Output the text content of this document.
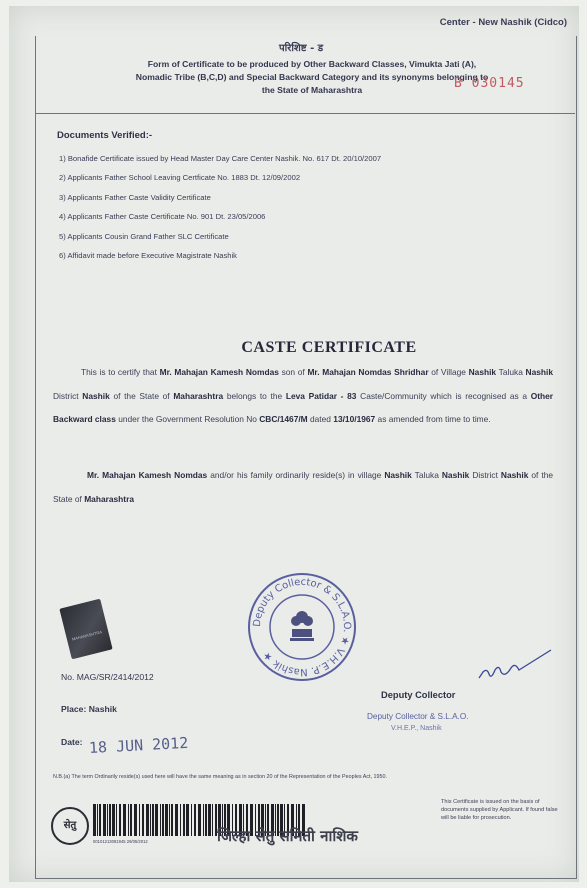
Center - New Nashik (Cidco)
परिशिष्ट - ड
Form of Certificate to be produced by Other Backward Classes, Vimukta Jati (A),
Nomadic Tribe (B,C,D) and Special Backward Category and its synonyms belonging to
the State of Maharashtra	B 030145
Documents Verified:-
1) Bonafide Certificate issued by Head Master Day Care Center Nashik. No. 617 Dt. 20/10/2007
2) Applicants Father School Leaving Certficate No. 1883 Dt. 12/09/2002
3) Applicants Father Caste Validity Certificate
4) Applicants Father Caste Certificate No. 901 Dt. 23/05/2006
5) Applicants Cousin Grand Father SLC Certificate
6) Affidavit made before Executive Magistrate Nashik
CASTE CERTIFICATE
This is to certify that Mr. Mahajan Kamesh Nomdas son of Mr. Mahajan Nomdas Shridhar of Village Nashik Taluka Nashik District Nashik of the State of Maharashtra belongs to the Leva Patidar - 83 Caste/Community which is recognised as a Other Backward class under the Government Resolution No CBC/1467/M dated 13/10/1967 as amended from time to time.
Mr. Mahajan Kamesh Nomdas and/or his family ordinarily reside(s) in village Nashik Taluka Nashik District Nashik of the State of Maharashtra
MAHARASHTRA
Deputy Collector & S.L.A.O. ★ V.H.E.P. Nashik ★
No. MAG/SR/2414/2012
Place: Nashik
Date: 18 JUN 2012
Deputy Collector
Deputy Collector & S.L.A.O.
V.H.E.P., Nashik
N.B.(a) The term Ordinarily reside(s) used here will have the same meaning as in section 20 of the Representation of the Peoples Act, 1950.
सेतु
00101213081945 29/05/2012	जिल्हा सेतु समिती नाशिक
This Certificate is issued on the basis of documents supplied by Applicant. If found false will be liable for prosecution.
